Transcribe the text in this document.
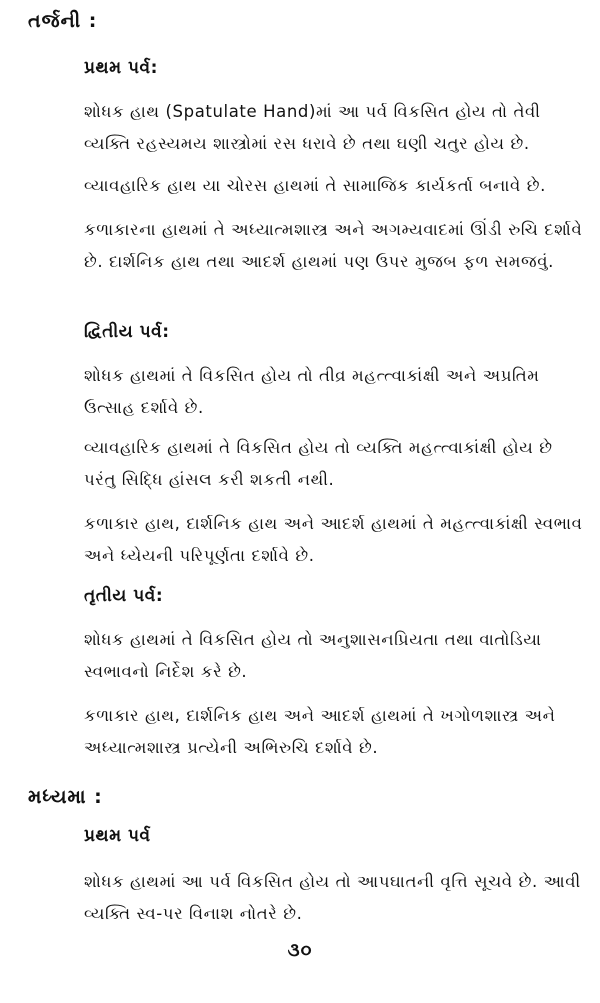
તર્જની :
પ્રથમ પર્વ:

શોધક હાથ (Spatulate Hand)માં આ પર્વ વિકસિત હોય તો તેવી વ્યક્તિ રહસ્યમય શાસ્ત્રોમાં રસ ધરાવે છે તથા ઘણી ચતુર હોય છે.

વ્યાવહારિક હાથ યા ચોરસ હાથમાં તે સામાજિક કાર્યકર્તા બનાવે છે.

કળાકારના હાથમાં તે અધ્યાત્મશાસ્ત્ર અને અગમ્યવાદમાં ઊંડી રુચિ દર્શાવે છે. દાર્શનિક હાથ તથા આદર્શ હાથમાં પણ ઉપર મુજબ ફળ સમજવું.

દ્વિતીય પર્વ:

શોધક હાથમાં તે વિકસિત હોય તો તીવ્ર મહત્ત્વાકાંક્ષી અને અપ્રતિમ ઉત્સાહ દર્શાવે છે.

વ્યાવહારિક હાથમાં તે વિકસિત હોય તો વ્યક્તિ મહત્ત્વાકાંક્ષી હોય છે પરંતુ સિદ્ધિ હાંસલ કરી શકતી નથી.

કળાકાર હાથ, દાર્શનિક હાથ અને આદર્શ હાથમાં તે મહત્ત્વાકાંક્ષી સ્વભાવ અને ધ્યેયની પરિપૂર્ણતા દર્શાવે છે.

તૃતીય પર્વ:

શોધક હાથમાં તે વિકસિત હોય તો અનુશાસનપ્રિયતા તથા વાતોડિયા સ્વભાવનો નિર્દેશ કરે છે.

કળાકાર હાથ, દાર્શનિક હાથ અને આદર્શ હાથમાં તે ખગોળશાસ્ત્ર અને અધ્યાત્મશાસ્ત્ર પ્રત્યેની અભિરુચિ દર્શાવે છે.

મધ્યમા :
પ્રથમ પર્વ

શોધક હાથમાં આ પર્વ વિકસિત હોય તો આપઘાતની વૃત્તિ સૂચવે છે. આવી વ્યક્તિ સ્વ-પર વિનાશ નોતરે છે.

૩૦
